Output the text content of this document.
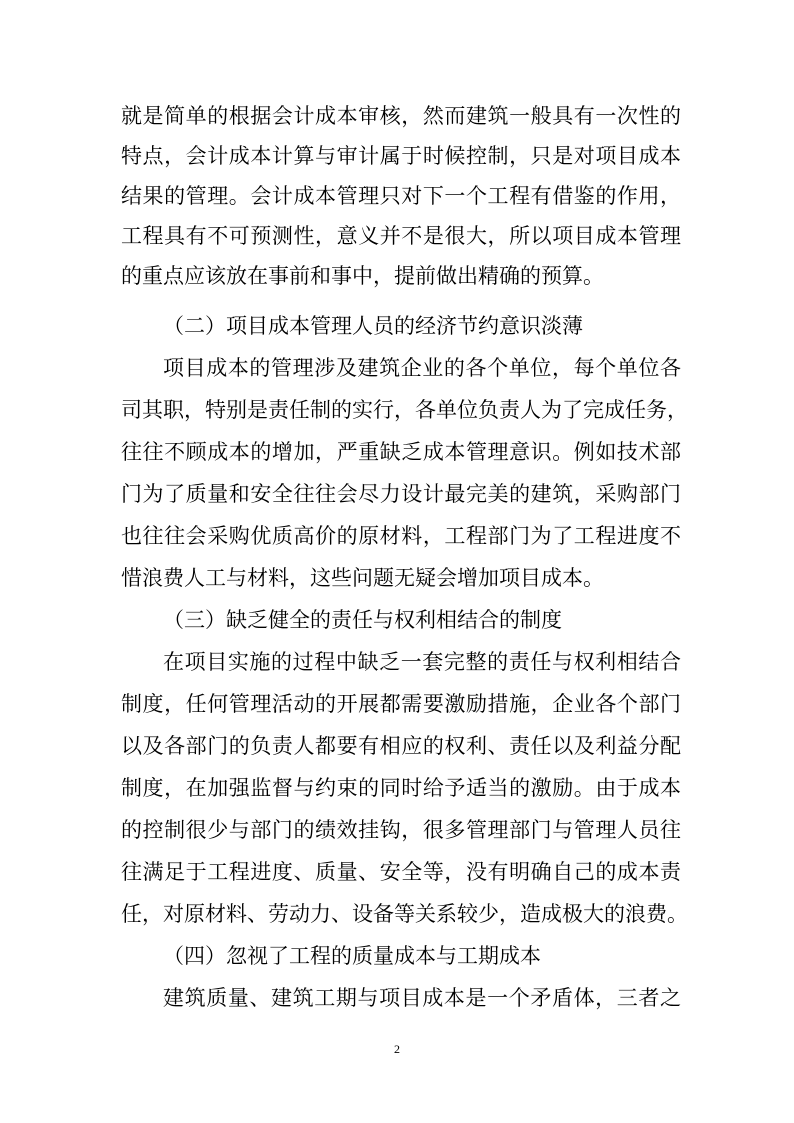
就是简单的根据会计成本审核，然而建筑一般具有一次性的
特点，会计成本计算与审计属于时候控制，只是对项目成本
结果的管理。会计成本管理只对下一个工程有借鉴的作用，
工程具有不可预测性，意义并不是很大，所以项目成本管理
的重点应该放在事前和事中，提前做出精确的预算。
（二）项目成本管理人员的经济节约意识淡薄
项目成本的管理涉及建筑企业的各个单位，每个单位各
司其职，特别是责任制的实行，各单位负责人为了完成任务，
往往不顾成本的增加，严重缺乏成本管理意识。例如技术部
门为了质量和安全往往会尽力设计最完美的建筑，采购部门
也往往会采购优质高价的原材料，工程部门为了工程进度不
惜浪费人工与材料，这些问题无疑会增加项目成本。
（三）缺乏健全的责任与权利相结合的制度
在项目实施的过程中缺乏一套完整的责任与权利相结合
制度，任何管理活动的开展都需要激励措施，企业各个部门
以及各部门的负责人都要有相应的权利、责任以及利益分配
制度，在加强监督与约束的同时给予适当的激励。由于成本
的控制很少与部门的绩效挂钩，很多管理部门与管理人员往
往满足于工程进度、质量、安全等，没有明确自己的成本责
任，对原材料、劳动力、设备等关系较少，造成极大的浪费。
（四）忽视了工程的质量成本与工期成本
建筑质量、建筑工期与项目成本是一个矛盾体，三者之
2
